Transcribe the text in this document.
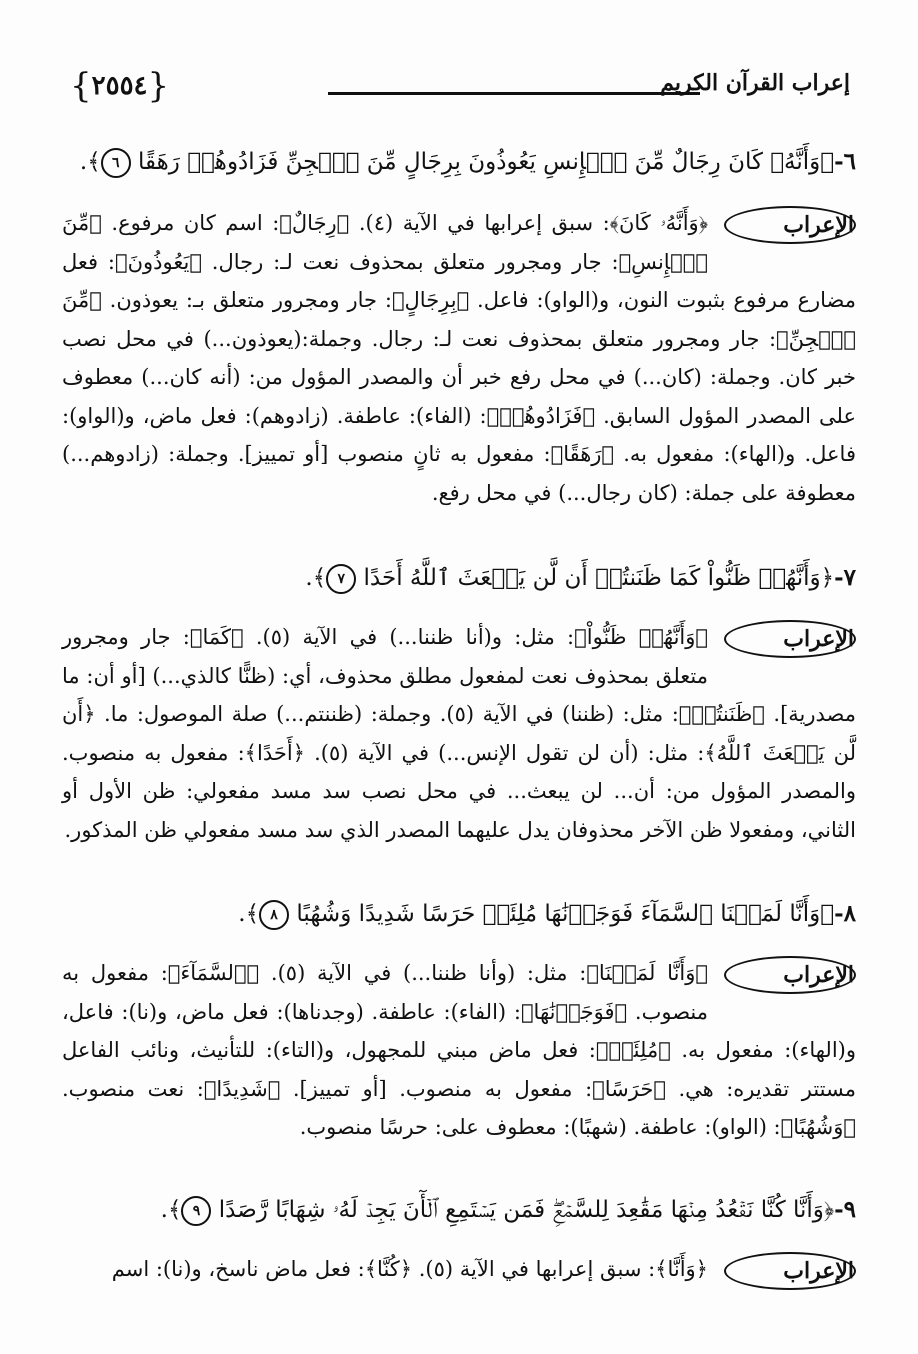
{٢٥٥٤}	إعراب القرآن الكريم
٦-﴿وَأَنَّهُۥ كَانَ رِجَالٌ مِّنَ ٱلۡإِنسِ يَعُوذُونَ بِرِجَالٍ مِّنَ ٱلۡجِنِّ فَزَادُوهُمۡ رَهَقًا ٦﴾.
الإعراب
﴿وَأَنَّهُۥ كَانَ﴾: سبق إعرابها في الآية (٤). ﴿رِجَالٌ﴾: اسم كان مرفوع. ﴿مِّنَ ٱلۡإِنسِ﴾: جار ومجرور متعلق بمحذوف نعت لـ: رجال. ﴿يَعُوذُونَ﴾: فعل مضارع مرفوع بثبوت النون، و(الواو): فاعل. ﴿بِرِجَالٍ﴾: جار ومجرور متعلق بـ: يعوذون. ﴿مِّنَ ٱلۡجِنِّ﴾: جار ومجرور متعلق بمحذوف نعت لـ: رجال. وجملة:(يعوذون...) في محل نصب خبر كان. وجملة: (كان...) في محل رفع خبر أن والمصدر المؤول من: (أنه كان...) معطوف على المصدر المؤول السابق. ﴿فَزَادُوهُمۡ﴾: (الفاء): عاطفة. (زادوهم): فعل ماض، و(الواو): فاعل. و(الهاء): مفعول به. ﴿رَهَقًا﴾: مفعول به ثانٍ منصوب [أو تمييز]. وجملة: (زادوهم...) معطوفة على جملة: (كان رجال...) في محل رفع.
٧-﴿وَأَنَّهُمۡ ظَنُّواْ كَمَا ظَنَنتُمۡ أَن لَّن يَبۡعَثَ ٱللَّهُ أَحَدًا ٧﴾.
الإعراب
﴿وَأَنَّهُمۡ ظَنُّواْ﴾: مثل: و(أنا ظننا...) في الآية (٥). ﴿كَمَا﴾: جار ومجرور متعلق بمحذوف نعت لمفعول مطلق محذوف، أي: (ظنًّا كالذي...) [أو أن: ما مصدرية]. ﴿ظَنَنتُمۡ﴾: مثل: (ظننا) في الآية (٥). وجملة: (ظننتم...) صلة الموصول: ما. ﴿أَن لَّن يَبۡعَثَ ٱللَّهُ﴾: مثل: (أن لن تقول الإنس...) في الآية (٥). ﴿أَحَدًا﴾: مفعول به منصوب. والمصدر المؤول من: أن... لن يبعث... في محل نصب سد مسد مفعولي: ظن الأول أو الثاني، ومفعولا ظن الآخر محذوفان يدل عليهما المصدر الذي سد مسد مفعولي ظن المذكور.
٨-﴿وَأَنَّا لَمَسۡنَا ٱلسَّمَآءَ فَوَجَدۡنَٰهَا مُلِئَتۡ حَرَسًا شَدِيدًا وَشُهُبًا ٨﴾.
الإعراب
﴿وَأَنَّا لَمَسۡنَا﴾: مثل: (وأنا ظننا...) في الآية (٥). ﴿ٱلسَّمَآءَ﴾: مفعول به منصوب. ﴿فَوَجَدۡنَٰهَا﴾: (الفاء): عاطفة. (وجدناها): فعل ماض، و(نا): فاعل، و(الهاء): مفعول به. ﴿مُلِئَتۡ﴾: فعل ماض مبني للمجهول، و(التاء): للتأنيث، ونائب الفاعل مستتر تقديره: هي. ﴿حَرَسًا﴾: مفعول به منصوب. [أو تمييز]. ﴿شَدِيدًا﴾: نعت منصوب. ﴿وَشُهُبًا﴾: (الواو): عاطفة. (شهبًا): معطوف على: حرسًا منصوب.
٩-﴿وَأَنَّا كُنَّا نَقۡعُدُ مِنۡهَا مَقَٰعِدَ لِلسَّمۡعِۖ فَمَن يَسۡتَمِعِ ٱلۡأٓنَ يَجِدۡ لَهُۥ شِهَابًا رَّصَدًا ٩﴾.
الإعراب
﴿وَأَنَّا﴾: سبق إعرابها في الآية (٥). ﴿كُنَّا﴾: فعل ماض ناسخ، و(نا): اسم
